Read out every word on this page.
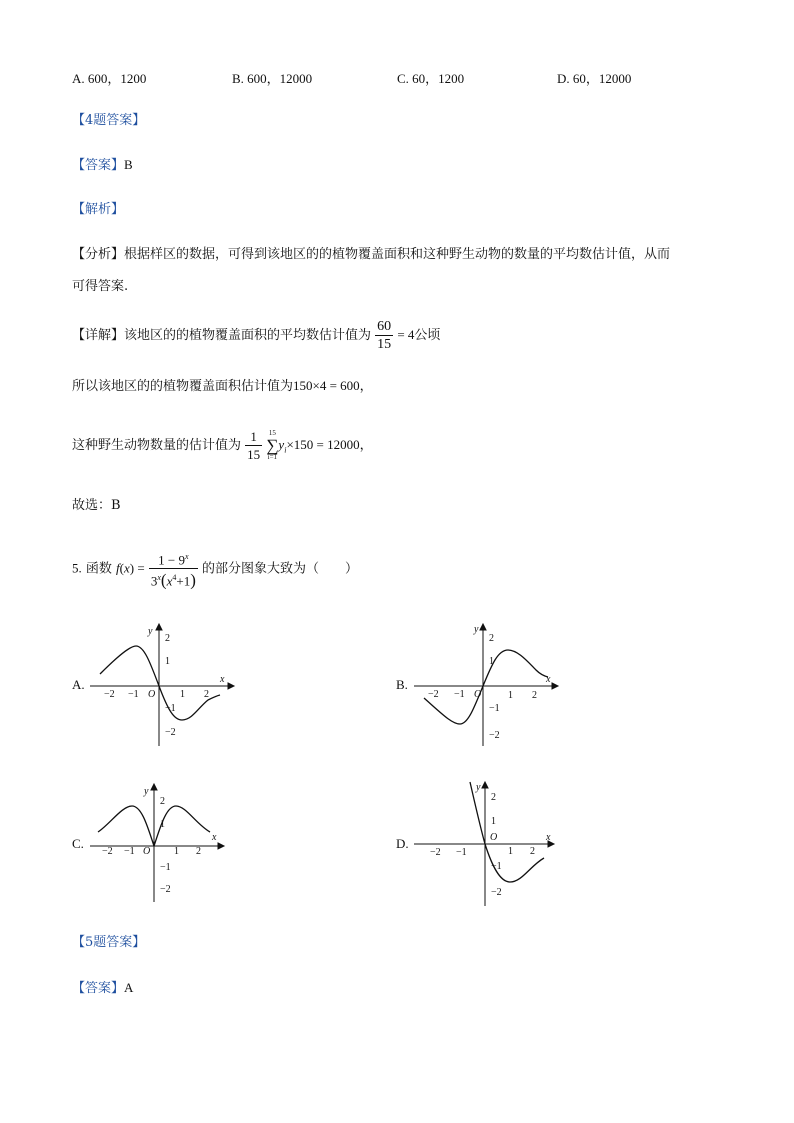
A. 600，1200	B. 600，12000	C. 60，1200	D. 60，12000
【4题答案】
【答案】B
【解析】
【分析】根据样区的数据，可得到该地区的的植物覆盖面积和这种野生动物的数量的平均数估计值，从而
可得答案.
【详解】该地区的的植物覆盖面积的平均数估计值为 $\frac{60}{15} = 4$公顷
所以该地区的的植物覆盖面积估计值为150×4 = 600，
这种野生动物数量的估计值为 $\frac{1}{15}$
15
∑
i=1
$y_i\times 150 = 12000$，
故选：B
5. 函数 $f(x) = \frac{1 - 9^x}{3^x(x^4+1)}$ 的部分图象大致为（　　）
A.
−2 −1 O 1 2
x
y
2
1
−1
−2
B.
−2 −1 O	1 2
x
y
2
1
−1
−2
C.
−2 −1 O 1 2
x
y
2
1
−1
−2
D.
−2 −1
O
1 2
x
y
2
1
−1
−2
【5题答案】
【答案】A
